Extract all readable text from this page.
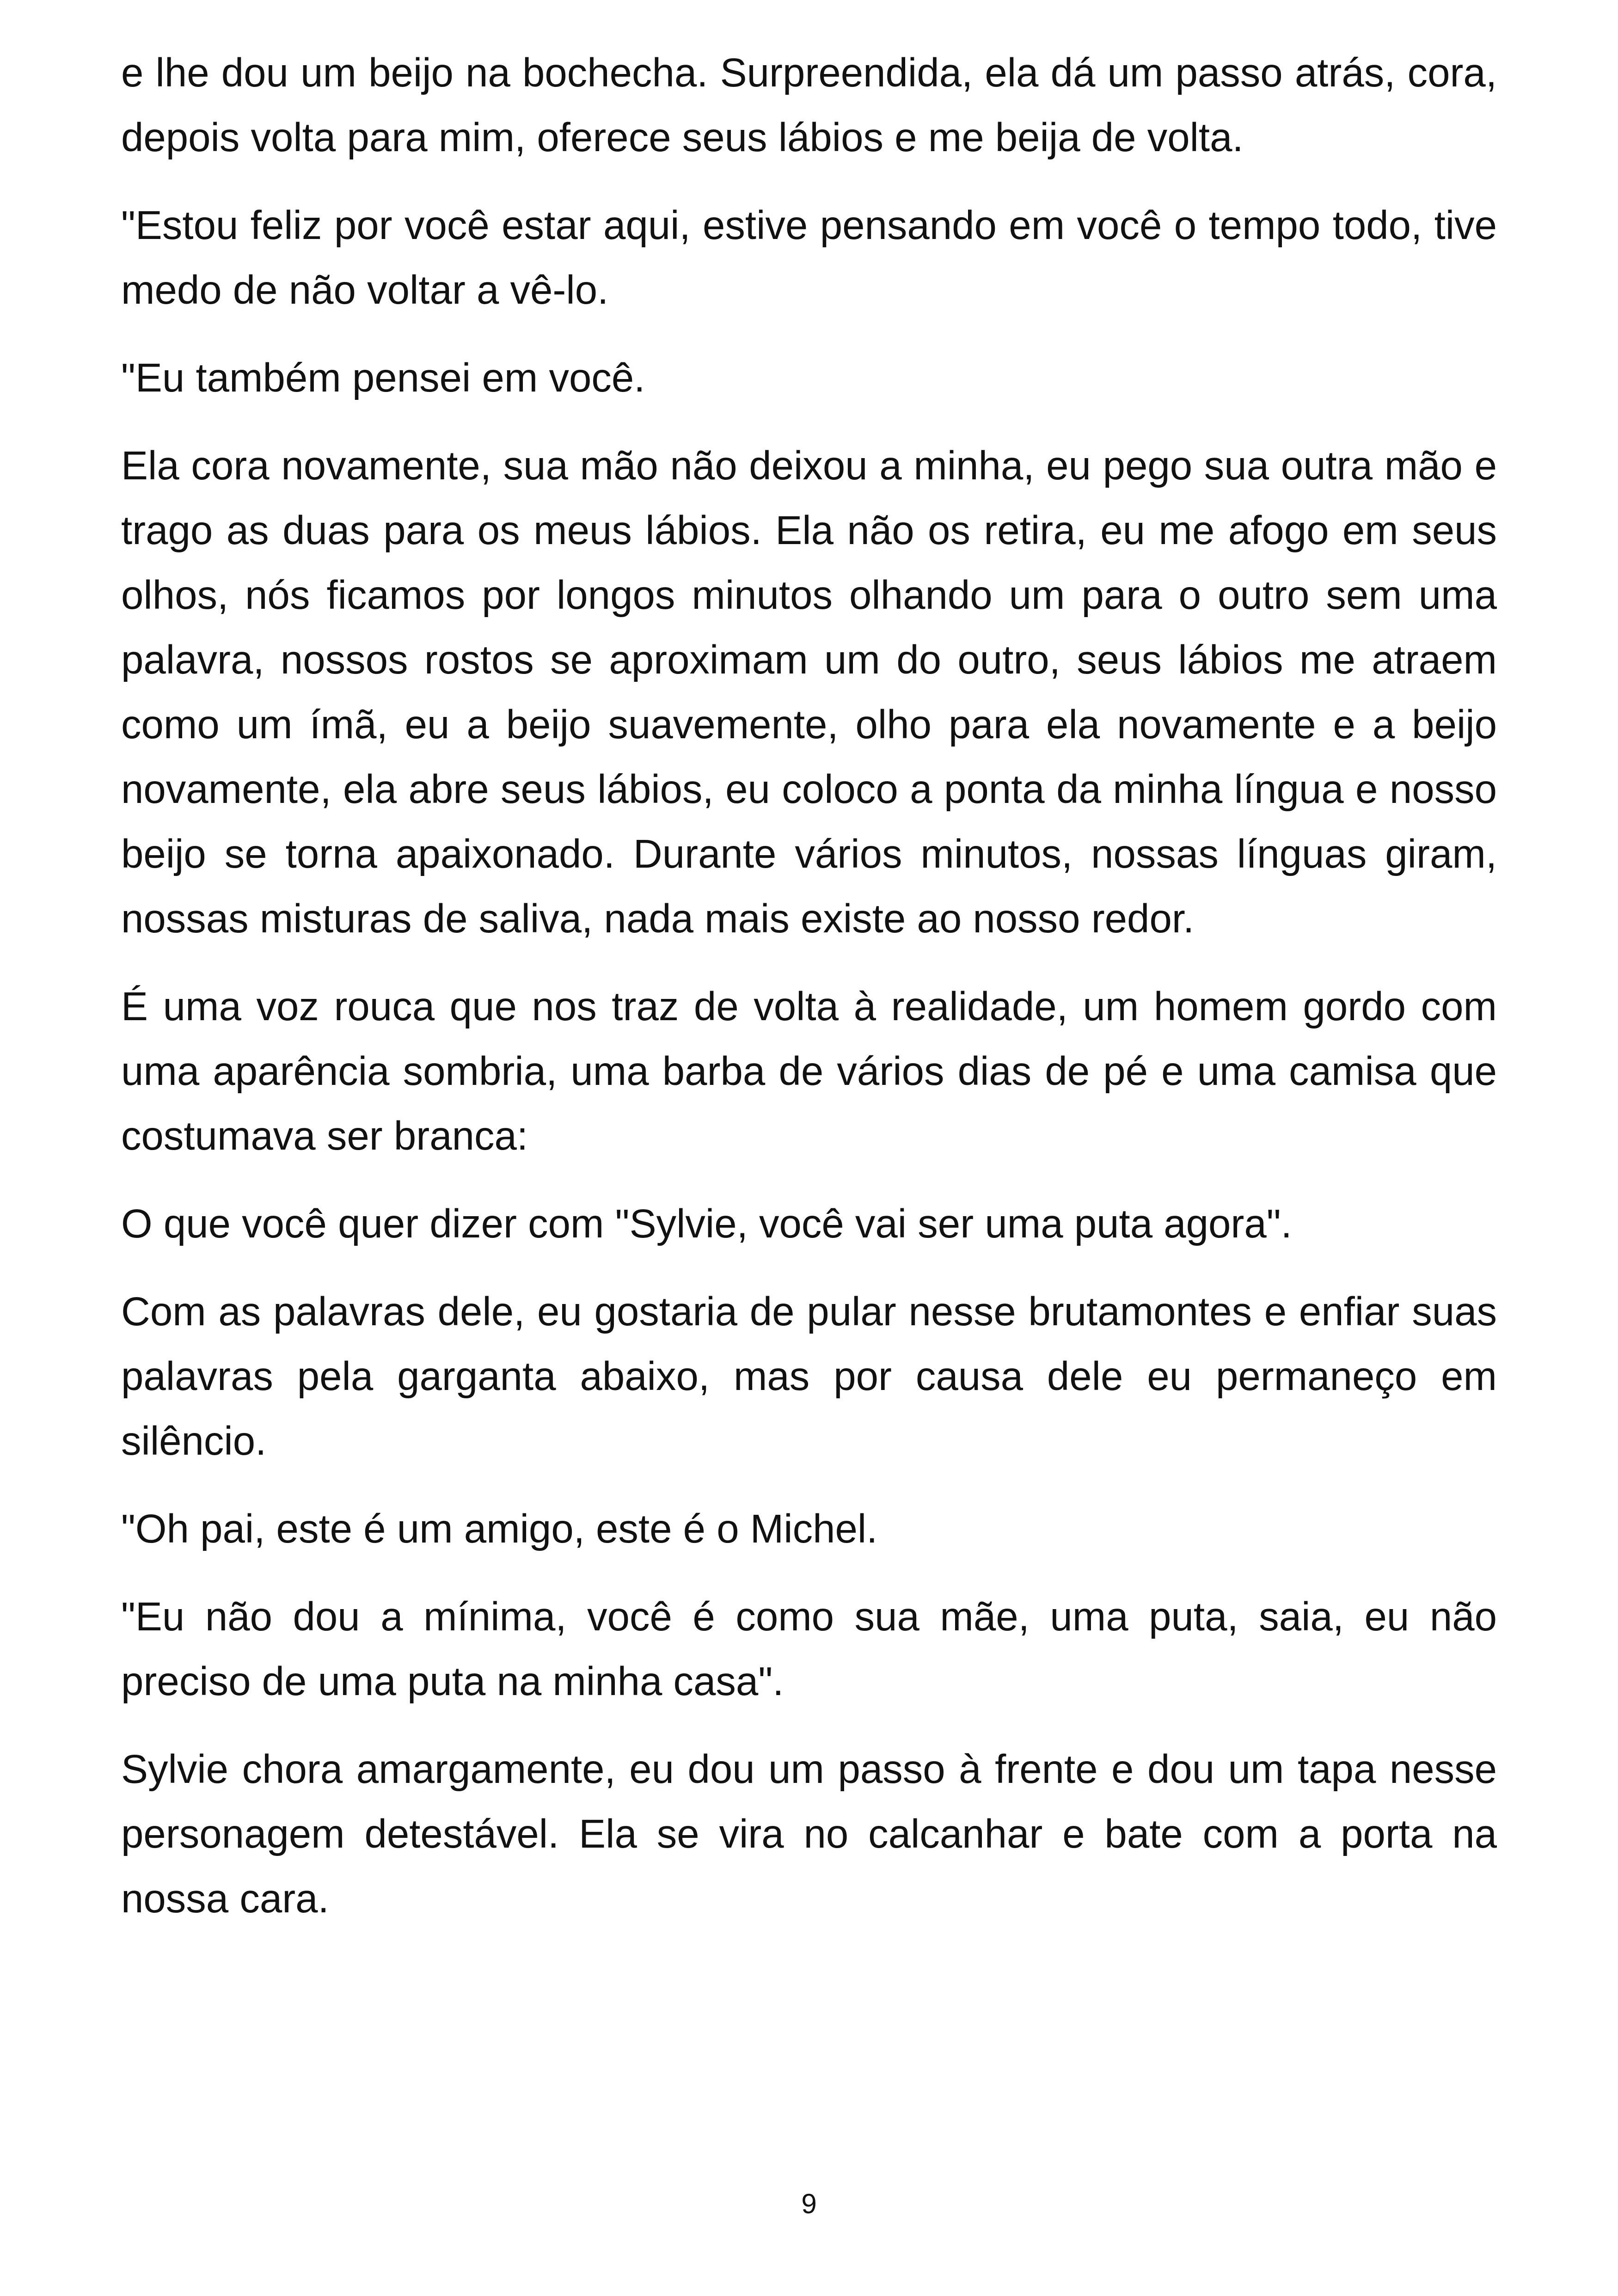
e lhe dou um beijo na bochecha. Surpreendida, ela dá um passo atrás, cora, depois volta para mim, oferece seus lábios e me beija de volta.

"Estou feliz por você estar aqui, estive pensando em você o tempo todo, tive medo de não voltar a vê-lo.

"Eu também pensei em você.

Ela cora novamente, sua mão não deixou a minha, eu pego sua outra mão e trago as duas para os meus lábios. Ela não os retira, eu me afogo em seus olhos, nós ficamos por longos minutos olhando um para o outro sem uma palavra, nossos rostos se aproximam um do outro, seus lábios me atraem como um ímã, eu a beijo suavemente, olho para ela novamente e a beijo novamente, ela abre seus lábios, eu coloco a ponta da minha língua e nosso beijo se torna apaixonado. Durante vários minutos, nossas línguas giram, nossas misturas de saliva, nada mais existe ao nosso redor.

É uma voz rouca que nos traz de volta à realidade, um homem gordo com uma aparência sombria, uma barba de vários dias de pé e uma camisa que costumava ser branca:

O que você quer dizer com "Sylvie, você vai ser uma puta agora".

Com as palavras dele, eu gostaria de pular nesse brutamontes e enfiar suas palavras pela garganta abaixo, mas por causa dele eu permaneço em silêncio.

"Oh pai, este é um amigo, este é o Michel.

"Eu não dou a mínima, você é como sua mãe, uma puta, saia, eu não preciso de uma puta na minha casa".

Sylvie chora amargamente, eu dou um passo à frente e dou um tapa nesse personagem detestável. Ela se vira no calcanhar e bate com a porta na nossa cara.

9
